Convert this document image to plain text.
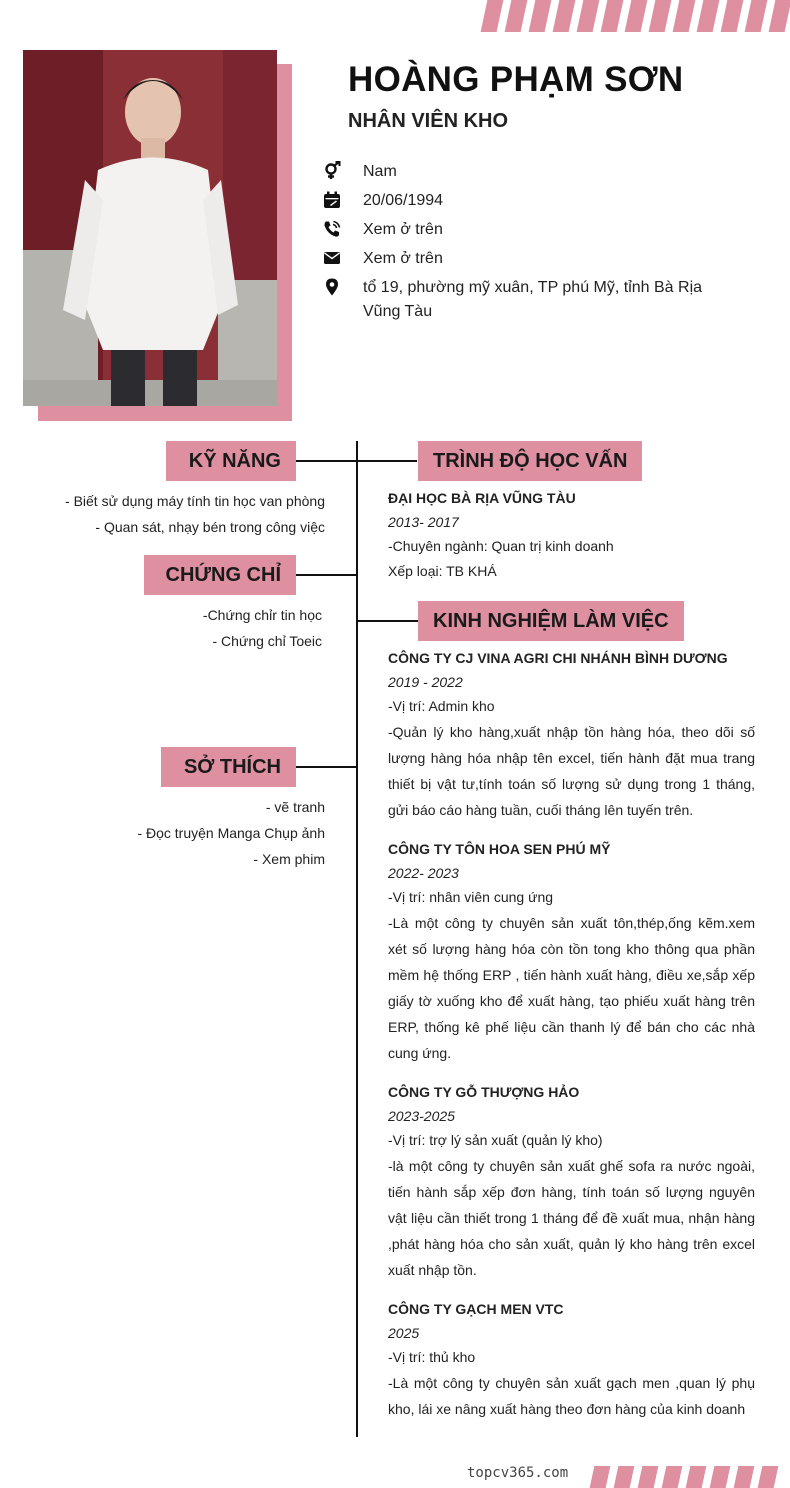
HOÀNG PHẠM SƠN
NHÂN VIÊN KHO
Nam
20/06/1994
Xem ở trên
Xem ở trên
tổ 19, phường mỹ xuân, TP phú Mỹ, tỉnh Bà Rịa Vũng Tàu
KỸ NĂNG
- Biết sử dụng máy tính tin học van phòng
- Quan sát, nhạy bén trong công việc
CHỨNG CHỈ
-Chứng chỉr tin học
- Chứng chỉ Toeic
SỞ THÍCH
- vẽ tranh
- Đọc truyện Manga Chụp ảnh
- Xem phim
TRÌNH ĐỘ HỌC VẤN
ĐẠI HỌC BÀ RỊA VŨNG TÀU
2013- 2017
-Chuyên ngành: Quan trị kinh doanh
Xếp loại: TB KHÁ
KINH NGHIỆM LÀM VIỆC
CÔNG TY CJ VINA AGRI CHI NHÁNH BÌNH DƯƠNG
2019 - 2022
-Vị trí: Admin kho
-Quản lý kho hàng,xuất nhập tồn hàng hóa, theo dõi số lượng hàng hóa nhập tên excel, tiến hành đặt mua trang thiết bị vật tư,tính toán số lượng sử dụng trong 1 tháng, gửi báo cáo hàng tuần, cuối tháng lên tuyến trên.
CÔNG TY TÔN HOA SEN PHÚ MỸ
2022- 2023
-Vị trí: nhân viên cung ứng
-Là một công ty chuyên sản xuất tôn,thép,ống kẽm.xem xét số lượng hàng hóa còn tồn tong kho thông qua phần mềm hệ thống ERP , tiến hành xuất hàng, điều xe,sắp xếp giấy tờ xuống kho để xuất hàng, tạo phiếu xuất hàng trên ERP, thống kê phế liệu cần thanh lý để bán cho các nhà cung ứng.
CÔNG TY GỖ THƯỢNG HẢO
2023-2025
-Vị trí: trợ lý sản xuất (quản lý kho)
-là một công ty chuyên sản xuất ghế sofa ra nước ngoài, tiến hành sắp xếp đơn hàng, tính toán số lượng nguyên vật liệu cần thiết trong 1 tháng để đề xuất mua, nhận hàng ,phát hàng hóa cho sản xuất, quản lý kho hàng trên excel xuất nhập tồn.
CÔNG TY GẠCH MEN VTC
2025
-Vị trí: thủ kho
-Là một công ty chuyên sản xuất gạch men ,quan lý phụ kho, lái xe nâng xuất hàng theo đơn hàng của kinh doanh
topcv365.com
